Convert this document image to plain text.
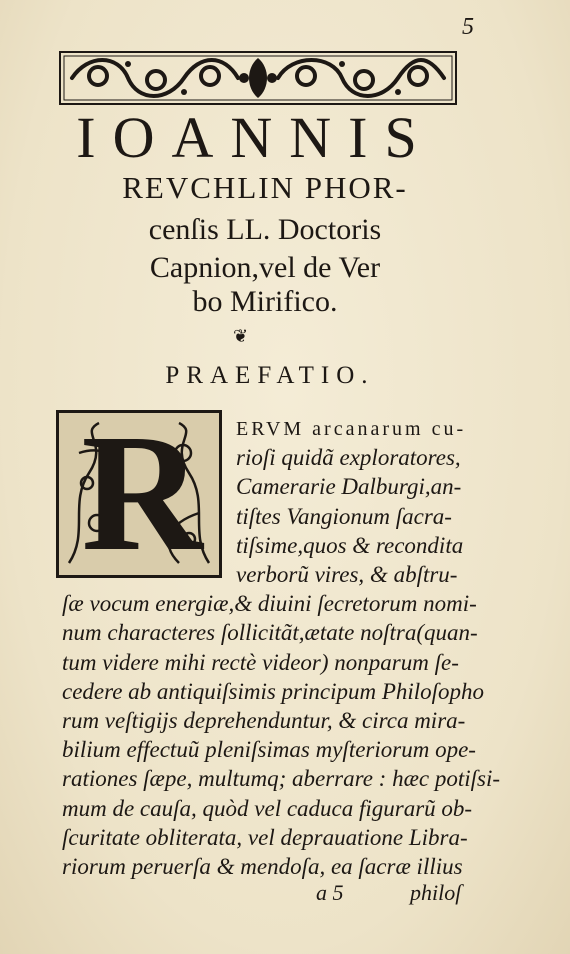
5
IOANNIS
REVCHLIN PHOR-
cenſis LL. Doctoris
Capnion,vel de Ver
bo Mirifico.
❦
PRAEFATIO.
R	ERVM arcanarum cu-
rioſi quidã exploratores,
Camerarie Dalburgi,an-
tiſtes Vangionum ſacra-
tiſsime,quos & recondita
verborũ vires, & abſtru-
ſæ vocum energiæ,& diuini ſecretorum nomi-
num characteres ſollicitãt,ætate noſtra(quan-
tum videre mihi rectè videor) nonparum ſe-
cedere ab antiquiſsimis principum Philoſopho
rum veſtigijs deprehenduntur, & circa mira-
bilium effectuũ pleniſsimas myſteriorum ope-
rationes ſæpe, multumq; aberrare : hæc potiſsi-
mum de cauſa, quòd vel caduca figurarũ ob-
ſcuritate obliterata, vel deprauatione Libra-
riorum peruerſa & mendoſa, ea ſacræ illius
a 5	philoſ
